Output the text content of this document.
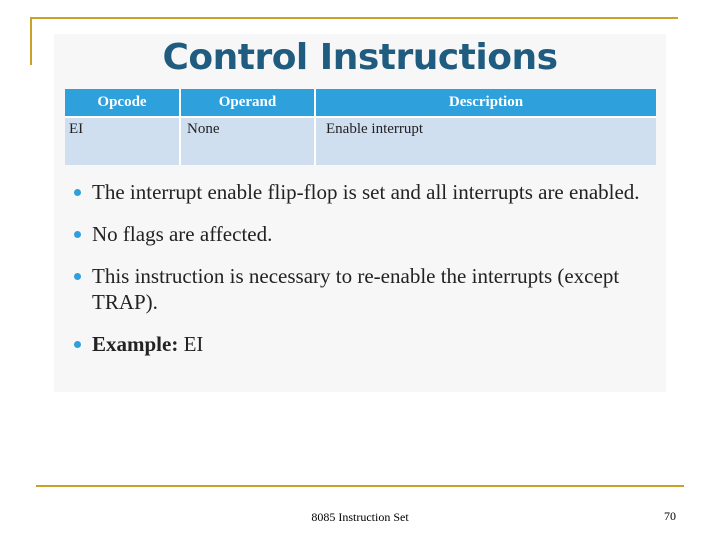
Control Instructions
Opcode	Operand	Description
EI	None	Enable interrupt
The interrupt enable flip-flop is set and all interrupts are enabled.
No flags are affected.
This instruction is necessary to re-enable the interrupts (except TRAP).
Example: EI
8085 Instruction Set	70
